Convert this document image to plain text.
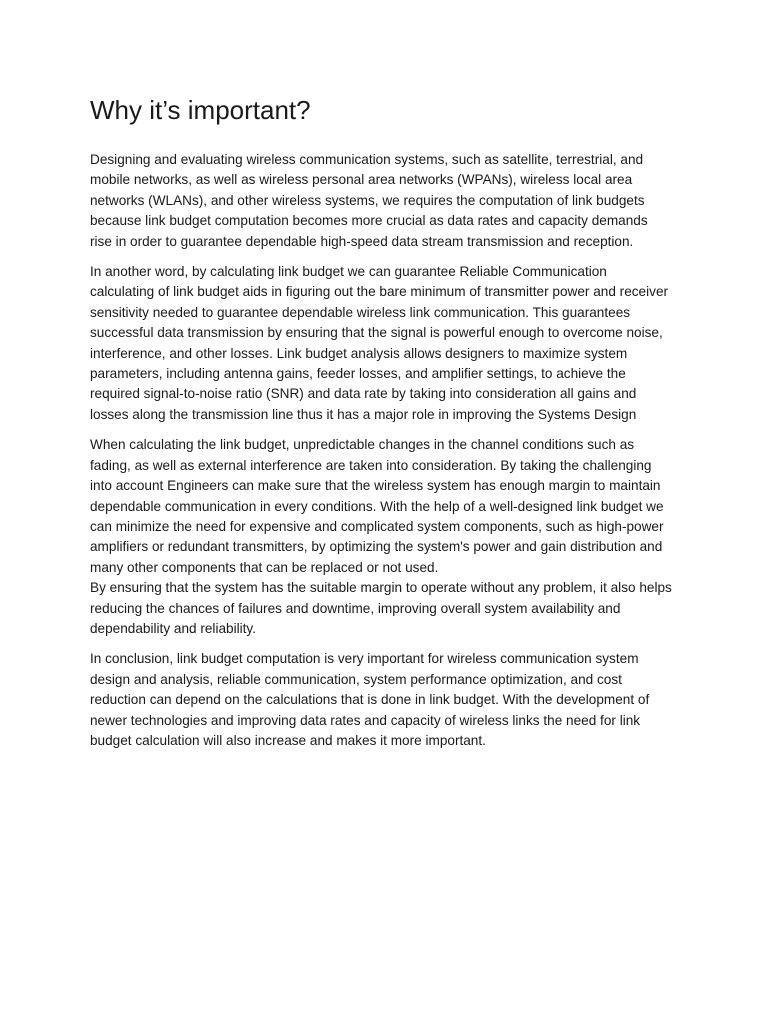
Why it’s important?

Designing and evaluating wireless communication systems, such as satellite, terrestrial, and mobile networks, as well as wireless personal area networks (WPANs), wireless local area networks (WLANs), and other wireless systems, we requires the computation of link budgets because link budget computation becomes more crucial as data rates and capacity demands rise in order to guarantee dependable high-speed data stream transmission and reception.

In another word, by calculating link budget we can guarantee Reliable Communication calculating of link budget aids in figuring out the bare minimum of transmitter power and receiver sensitivity needed to guarantee dependable wireless link communication. This guarantees successful data transmission by ensuring that the signal is powerful enough to overcome noise, interference, and other losses. Link budget analysis allows designers to maximize system parameters, including antenna gains, feeder losses, and amplifier settings, to achieve the required signal-to-noise ratio (SNR) and data rate by taking into consideration all gains and losses along the transmission line thus it has a major role in improving the Systems Design

When calculating the link budget, unpredictable changes in the channel conditions such as fading, as well as external interference are taken into consideration. By taking the challenging into account Engineers can make sure that the wireless system has enough margin to maintain dependable communication in every conditions. With the help of a well-designed link budget we can minimize the need for expensive and complicated system components, such as high-power amplifiers or redundant transmitters, by optimizing the system's power and gain distribution and many other components that can be replaced or not used.

By ensuring that the system has the suitable margin to operate without any problem, it also helps reducing the chances of failures and downtime, improving overall system availability and dependability and reliability.

In conclusion, link budget computation is very important for wireless communication system design and analysis, reliable communication, system performance optimization, and cost reduction can depend on the calculations that is done in link budget. With the development of newer technologies and improving data rates and capacity of wireless links the need for link budget calculation will also increase and makes it more important.
